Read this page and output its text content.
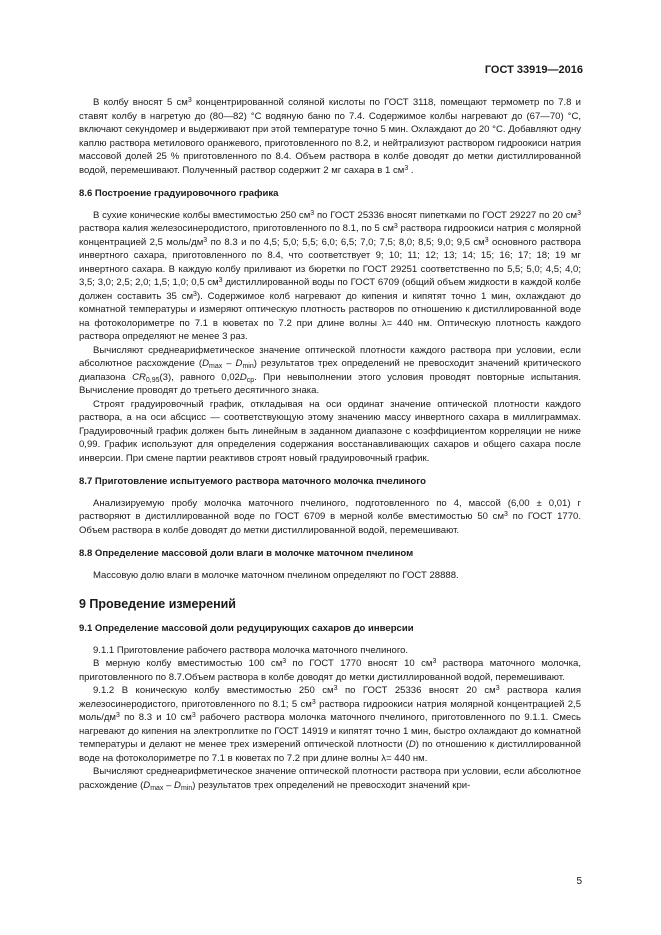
ГОСТ 33919—2016

В колбу вносят 5 $см^3$ концентрированной соляной кислоты по ГОСТ 3118, помещают термометр по 7.8 и ставят колбу в нагретую до (80—82) °С водяную баню по 7.4. Содержимое колбы нагревают до (67—70) °С, включают секундомер и выдерживают при этой температуре точно 5 мин. Охлаждают до 20 °С. Добавляют одну каплю раствора метилового оранжевого, приготовленного по 8.2, и нейтрализуют раствором гидроокиси натрия массовой долей 25 % приготовленного по 8.4. Объем раствора в колбе доводят до метки дистиллированной водой, перемешивают. Полученный раствор содержит 2 мг сахара в 1 $см^3$ .

8.6 Построение градуировочного графика

В сухие конические колбы вместимостью 250 $см^3$ по ГОСТ 25336 вносят пипетками по ГОСТ 29227 по 20 $см^3$ раствора калия железосинеродистого, приготовленного по 8.1, по 5 $см^3$ раствора гидроокиси натрия с молярной концентрацией 2,5 моль/$дм^3$ по 8.3 и по 4,5; 5,0; 5,5; 6,0; 6,5; 7,0; 7,5; 8,0; 8,5; 9,0; 9,5 $см^3$ основного раствора инвертного сахара, приготовленного по 8.4, что соответствует 9; 10; 11; 12; 13; 14; 15; 16; 17; 18; 19 мг инвертного сахара. В каждую колбу приливают из бюретки по ГОСТ 29251 соответственно по 5,5; 5,0; 4,5; 4,0; 3,5; 3,0; 2,5; 2,0; 1,5; 1,0; 0,5 $см^3$ дистиллированной воды по ГОСТ 6709 (общий объем жидкости в каждой колбе должен составить 35 $см^3$). Содержимое колб нагревают до кипения и кипятят точно 1 мин, охлаждают до комнатной температуры и измеряют оптическую плотность растворов по отношению к дистиллированной воде на фотоколориметре по 7.1 в кюветах по 7.2 при длине волны λ= 440 нм. Оптическую плотность каждого раствора определяют не менее 3 раз.

Вычисляют среднеарифметическое значение оптической плотности каждого раствора при условии, если абсолютное расхождение $(D_{max} - D_{min})$ результатов трех определений не превосходит значений критического диапазона $CR_{0,95}(3)$, равного $0,02D_{ср}$. При невыполнении этого условия проводят повторные испытания. Вычисление проводят до третьего десятичного знака.

Строят градуировочный график, откладывая на оси ординат значение оптической плотности каждого раствора, а на оси абсцисс — соответствующую этому значению массу инвертного сахара в миллиграммах. Градуировочный график должен быть линейным в заданном диапазоне с коэффициентом корреляции не ниже 0,99. График используют для определения содержания восстанавливающих сахаров и общего сахара после инверсии. При смене партии реактивов строят новый градуировочный график.

8.7 Приготовление испытуемого раствора маточного молочка пчелиного

Анализируемую пробу молочка маточного пчелиного, подготовленного по 4, массой (6,00 ± 0,01) г растворяют в дистиллированной воде по ГОСТ 6709 в мерной колбе вместимостью 50 $см^3$ по ГОСТ 1770. Объем раствора в колбе доводят до метки дистиллированной водой, перемешивают.

8.8 Определение массовой доли влаги в молочке маточном пчелином

Массовую долю влаги в молочке маточном пчелином определяют по ГОСТ 28888.

9 Проведение измерений
9.1 Определение массовой доли редуцирующих сахаров до инверсии

9.1.1 Приготовление рабочего раствора молочка маточного пчелиного.

В мерную колбу вместимостью 100 $см^3$ по ГОСТ 1770 вносят 10 $см^3$ раствора маточного молочка, приготовленного по 8.7.Объем раствора в колбе доводят до метки дистиллированной водой, перемешивают.

9.1.2 В коническую колбу вместимостью 250 $см^3$ по ГОСТ 25336 вносят 20 $см^3$ раствора калия железосинеродистого, приготовленного по 8.1; 5 $см^3$ раствора гидроокиси натрия молярной концентрацией 2,5 моль/$дм^3$ по 8.3 и 10 $см^3$ рабочего раствора молочка маточного пчелиного, приготовленного по 9.1.1. Смесь нагревают до кипения на электроплитке по ГОСТ 14919 и кипятят точно 1 мин, быстро охлаждают до комнатной температуры и делают не менее трех измерений оптической плотности (D) по отношению к дистиллированной воде на фотоколориметре по 7.1 в кюветах по 7.2 при длине волны λ= 440 нм.

Вычисляют среднеарифметическое значение оптической плотности раствора при условии, если абсолютное расхождение $(D_{max} - D_{min})$ результатов трех определений не превосходит значений кри-

5
